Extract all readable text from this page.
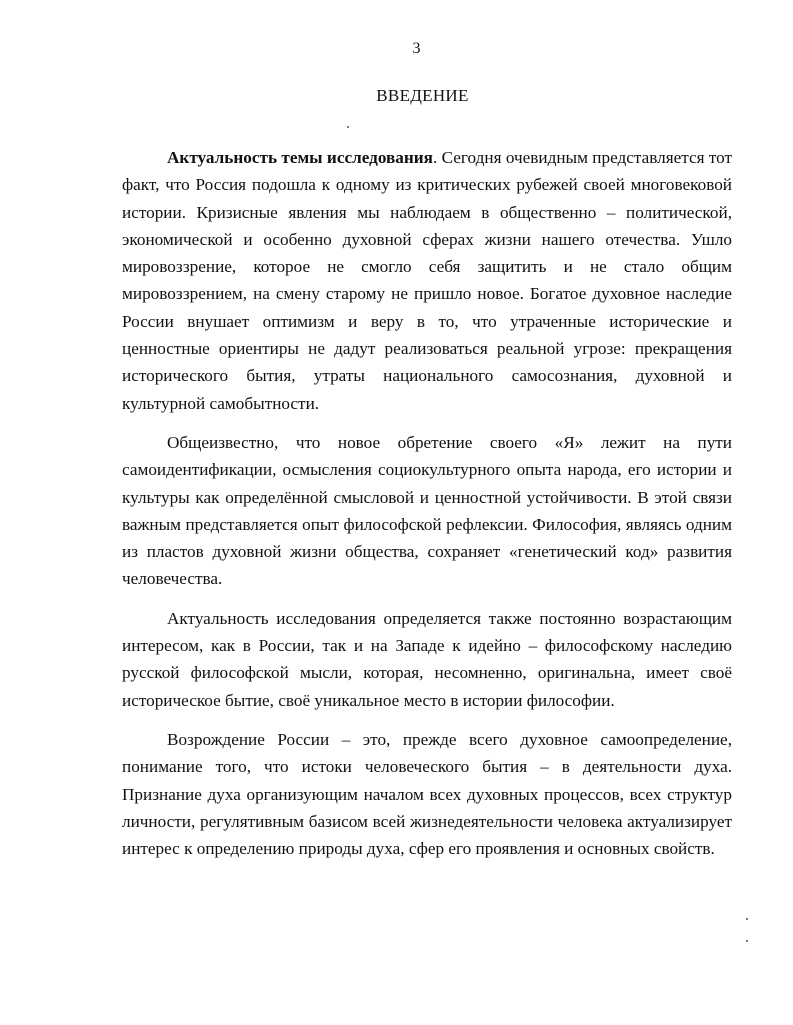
3
ВВЕДЕНИЕ

Актуальность темы исследования. Сегодня очевидным представляется тот факт, что Россия подошла к одному из критических рубежей своей многовековой истории. Кризисные явления мы наблюдаем в общественно – политической, экономической и особенно духовной сферах жизни нашего отечества. Ушло мировоззрение, которое не смогло себя защитить и не стало общим мировоззрением, на смену старому не пришло новое. Богатое духовное наследие России внушает оптимизм и веру в то, что утраченные исторические и ценностные ориентиры не дадут реализоваться реальной угрозе: прекращения исторического бытия, утраты национального самосознания, духовной и культурной самобытности.

Общеизвестно, что новое обретение своего «Я» лежит на пути самоидентификации, осмысления социокультурного опыта народа, его истории и культуры как определённой смысловой и ценностной устойчивости. В этой связи важным представляется опыт философской рефлексии. Философия, являясь одним из пластов духовной жизни общества, сохраняет «генетический код» развития человечества.

Актуальность исследования определяется также постоянно возрастающим интересом, как в России, так и на Западе к идейно – философскому наследию русской философской мысли, которая, несомненно, оригинальна, имеет своё историческое бытие, своё уникальное место в истории философии.

Возрождение России – это, прежде всего духовное самоопределение, понимание того, что истоки человеческого бытия – в деятельности духа. Признание духа организующим началом всех духовных процессов, всех структур личности, регулятивным базисом всей жизнедеятельности человека актуализирует интерес к определению природы духа, сфер его проявления и основных свойств.
